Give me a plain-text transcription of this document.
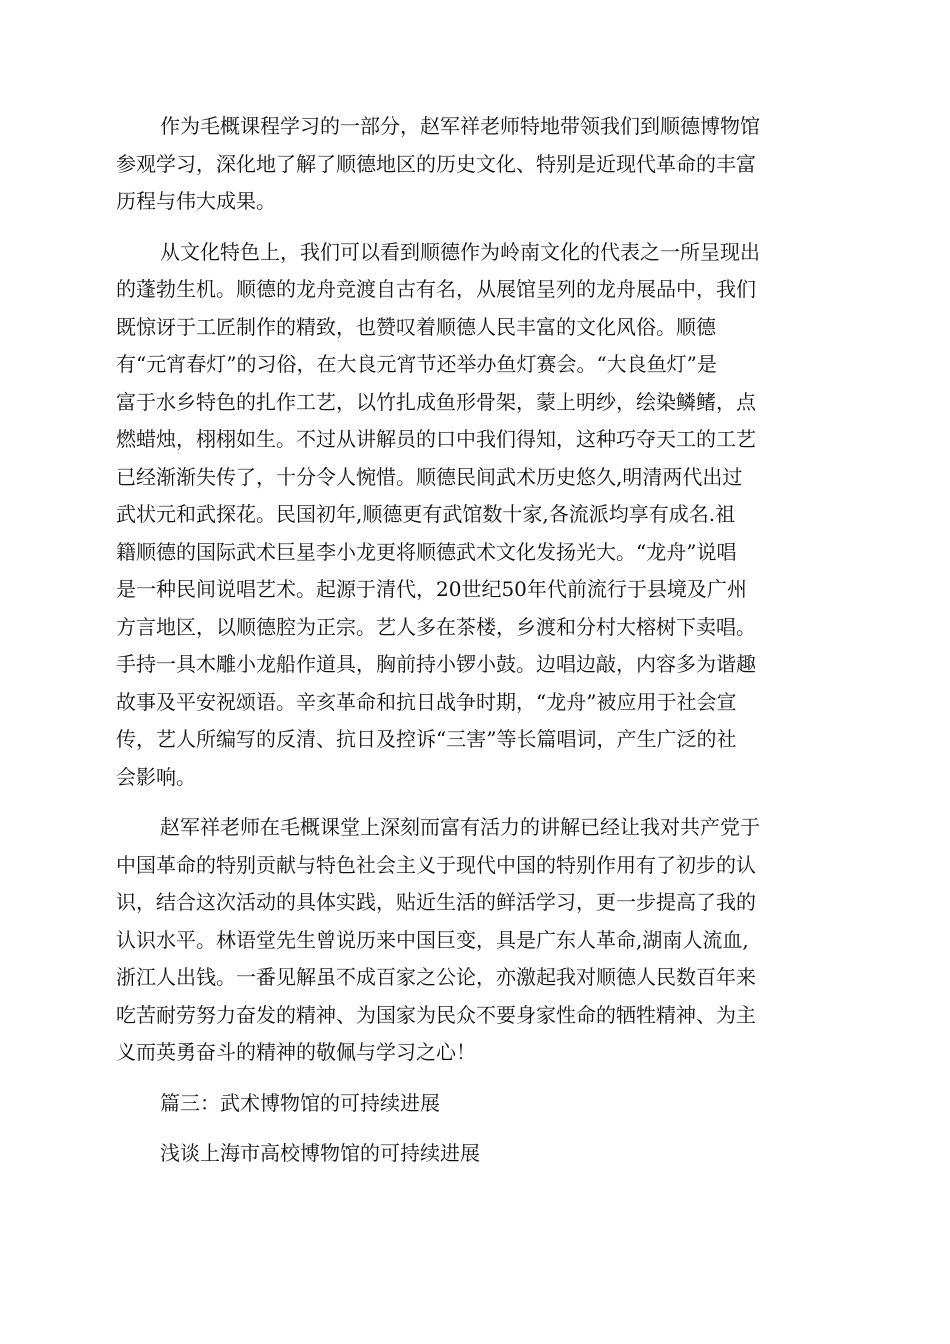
作为毛概课程学习的一部分，赵军祥老师特地带领我们到顺德博物馆
参观学习，深化地了解了顺德地区的历史文化、特别是近现代革命的丰富
历程与伟大成果。
从文化特色上，我们可以看到顺德作为岭南文化的代表之一所呈现出
的蓬勃生机。顺德的龙舟竞渡自古有名，从展馆呈列的龙舟展品中，我们
既惊讶于工匠制作的精致，也赞叹着顺德人民丰富的文化风俗。顺德
有“元宵春灯”的习俗，在大良元宵节还举办鱼灯赛会。“大良鱼灯”是
富于水乡特色的扎作工艺，以竹扎成鱼形骨架，蒙上明纱，绘染鳞鳍，点
燃蜡烛，栩栩如生。不过从讲解员的口中我们得知，这种巧夺天工的工艺
已经渐渐失传了，十分令人惋惜。顺德民间武术历史悠久,明清两代出过
武状元和武探花。民国初年,顺德更有武馆数十家,各流派均享有成名.祖
籍顺德的国际武术巨星李小龙更将顺德武术文化发扬光大。“龙舟”说唱
是一种民间说唱艺术。起源于清代，20世纪50年代前流行于县境及广州
方言地区，以顺德腔为正宗。艺人多在茶楼，乡渡和分村大榕树下卖唱。
手持一具木雕小龙船作道具，胸前持小锣小鼓。边唱边敲，内容多为谐趣
故事及平安祝颂语。辛亥革命和抗日战争时期，“龙舟”被应用于社会宣
传，艺人所编写的反清、抗日及控诉“三害”等长篇唱词，产生广泛的社
会影响。
赵军祥老师在毛概课堂上深刻而富有活力的讲解已经让我对共产党于
中国革命的特别贡献与特色社会主义于现代中国的特别作用有了初步的认
识，结合这次活动的具体实践，贴近生活的鲜活学习，更一步提高了我的
认识水平。林语堂先生曾说历来中国巨变，具是广东人革命,湖南人流血,
浙江人出钱。一番见解虽不成百家之公论，亦激起我对顺德人民数百年来
吃苦耐劳努力奋发的精神、为国家为民众不要身家性命的牺牲精神、为主
义而英勇奋斗的精神的敬佩与学习之心！
篇三：武术博物馆的可持续进展
浅谈上海市高校博物馆的可持续进展
